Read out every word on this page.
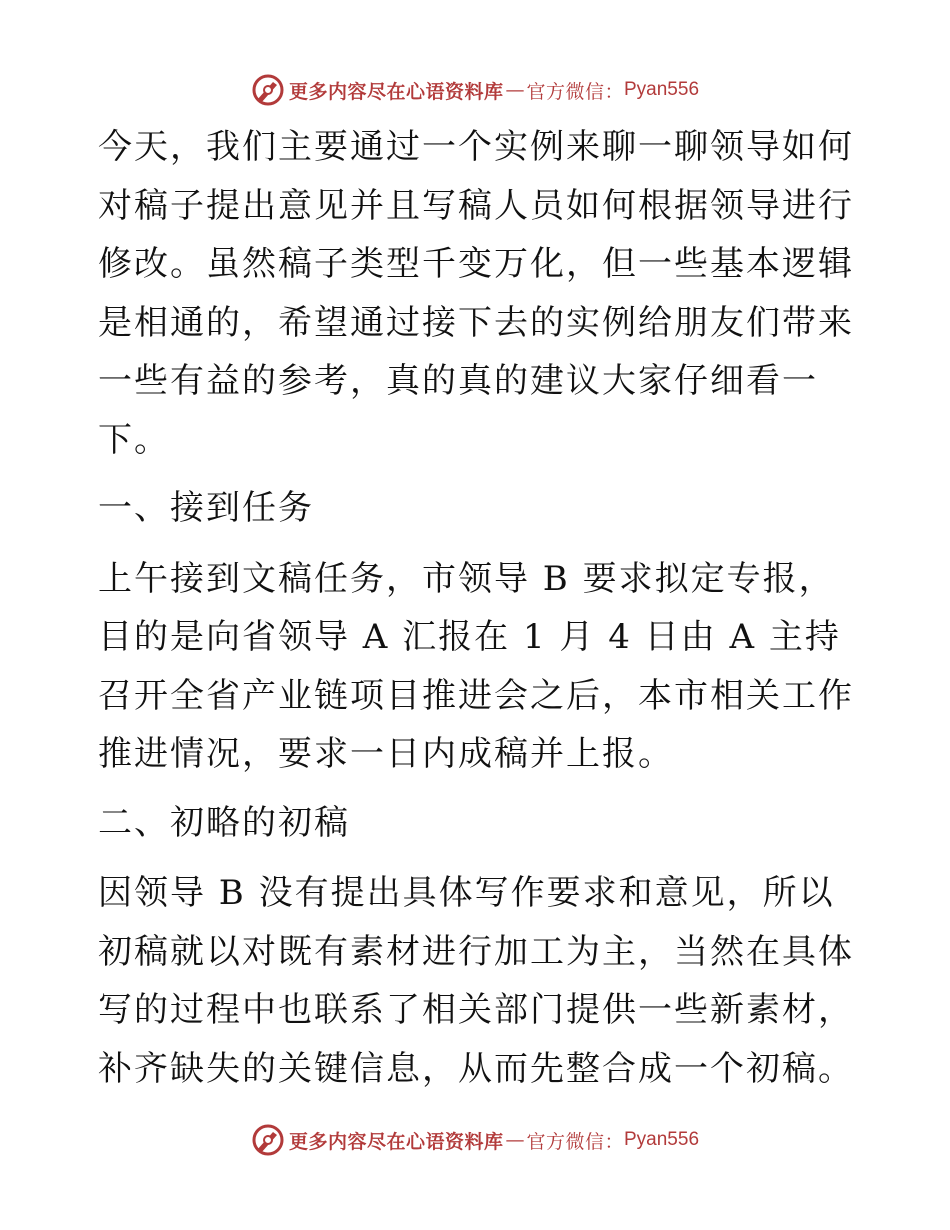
更多内容尽在心语资料库 — 官方微信： Pyan556

今天，我们主要通过一个实例来聊一聊领导如何对稿子提出意见并且写稿人员如何根据领导进行修改。虽然稿子类型千变万化，但一些基本逻辑是相通的，希望通过接下去的实例给朋友们带来一些有益的参考，真的真的建议大家仔细看一下。

一、接到任务

上午接到文稿任务，市领导 B 要求拟定专报，目的是向省领导 A 汇报在 1 月 4 日由 A 主持召开全省产业链项目推进会之后，本市相关工作推进情况，要求一日内成稿并上报。

二、初略的初稿

因领导 B 没有提出具体写作要求和意见，所以初稿就以对既有素材进行加工为主，当然在具体写的过程中也联系了相关部门提供一些新素材，补齐缺失的关键信息，从而先整合成一个初稿。

更多内容尽在心语资料库 — 官方微信： Pyan556
